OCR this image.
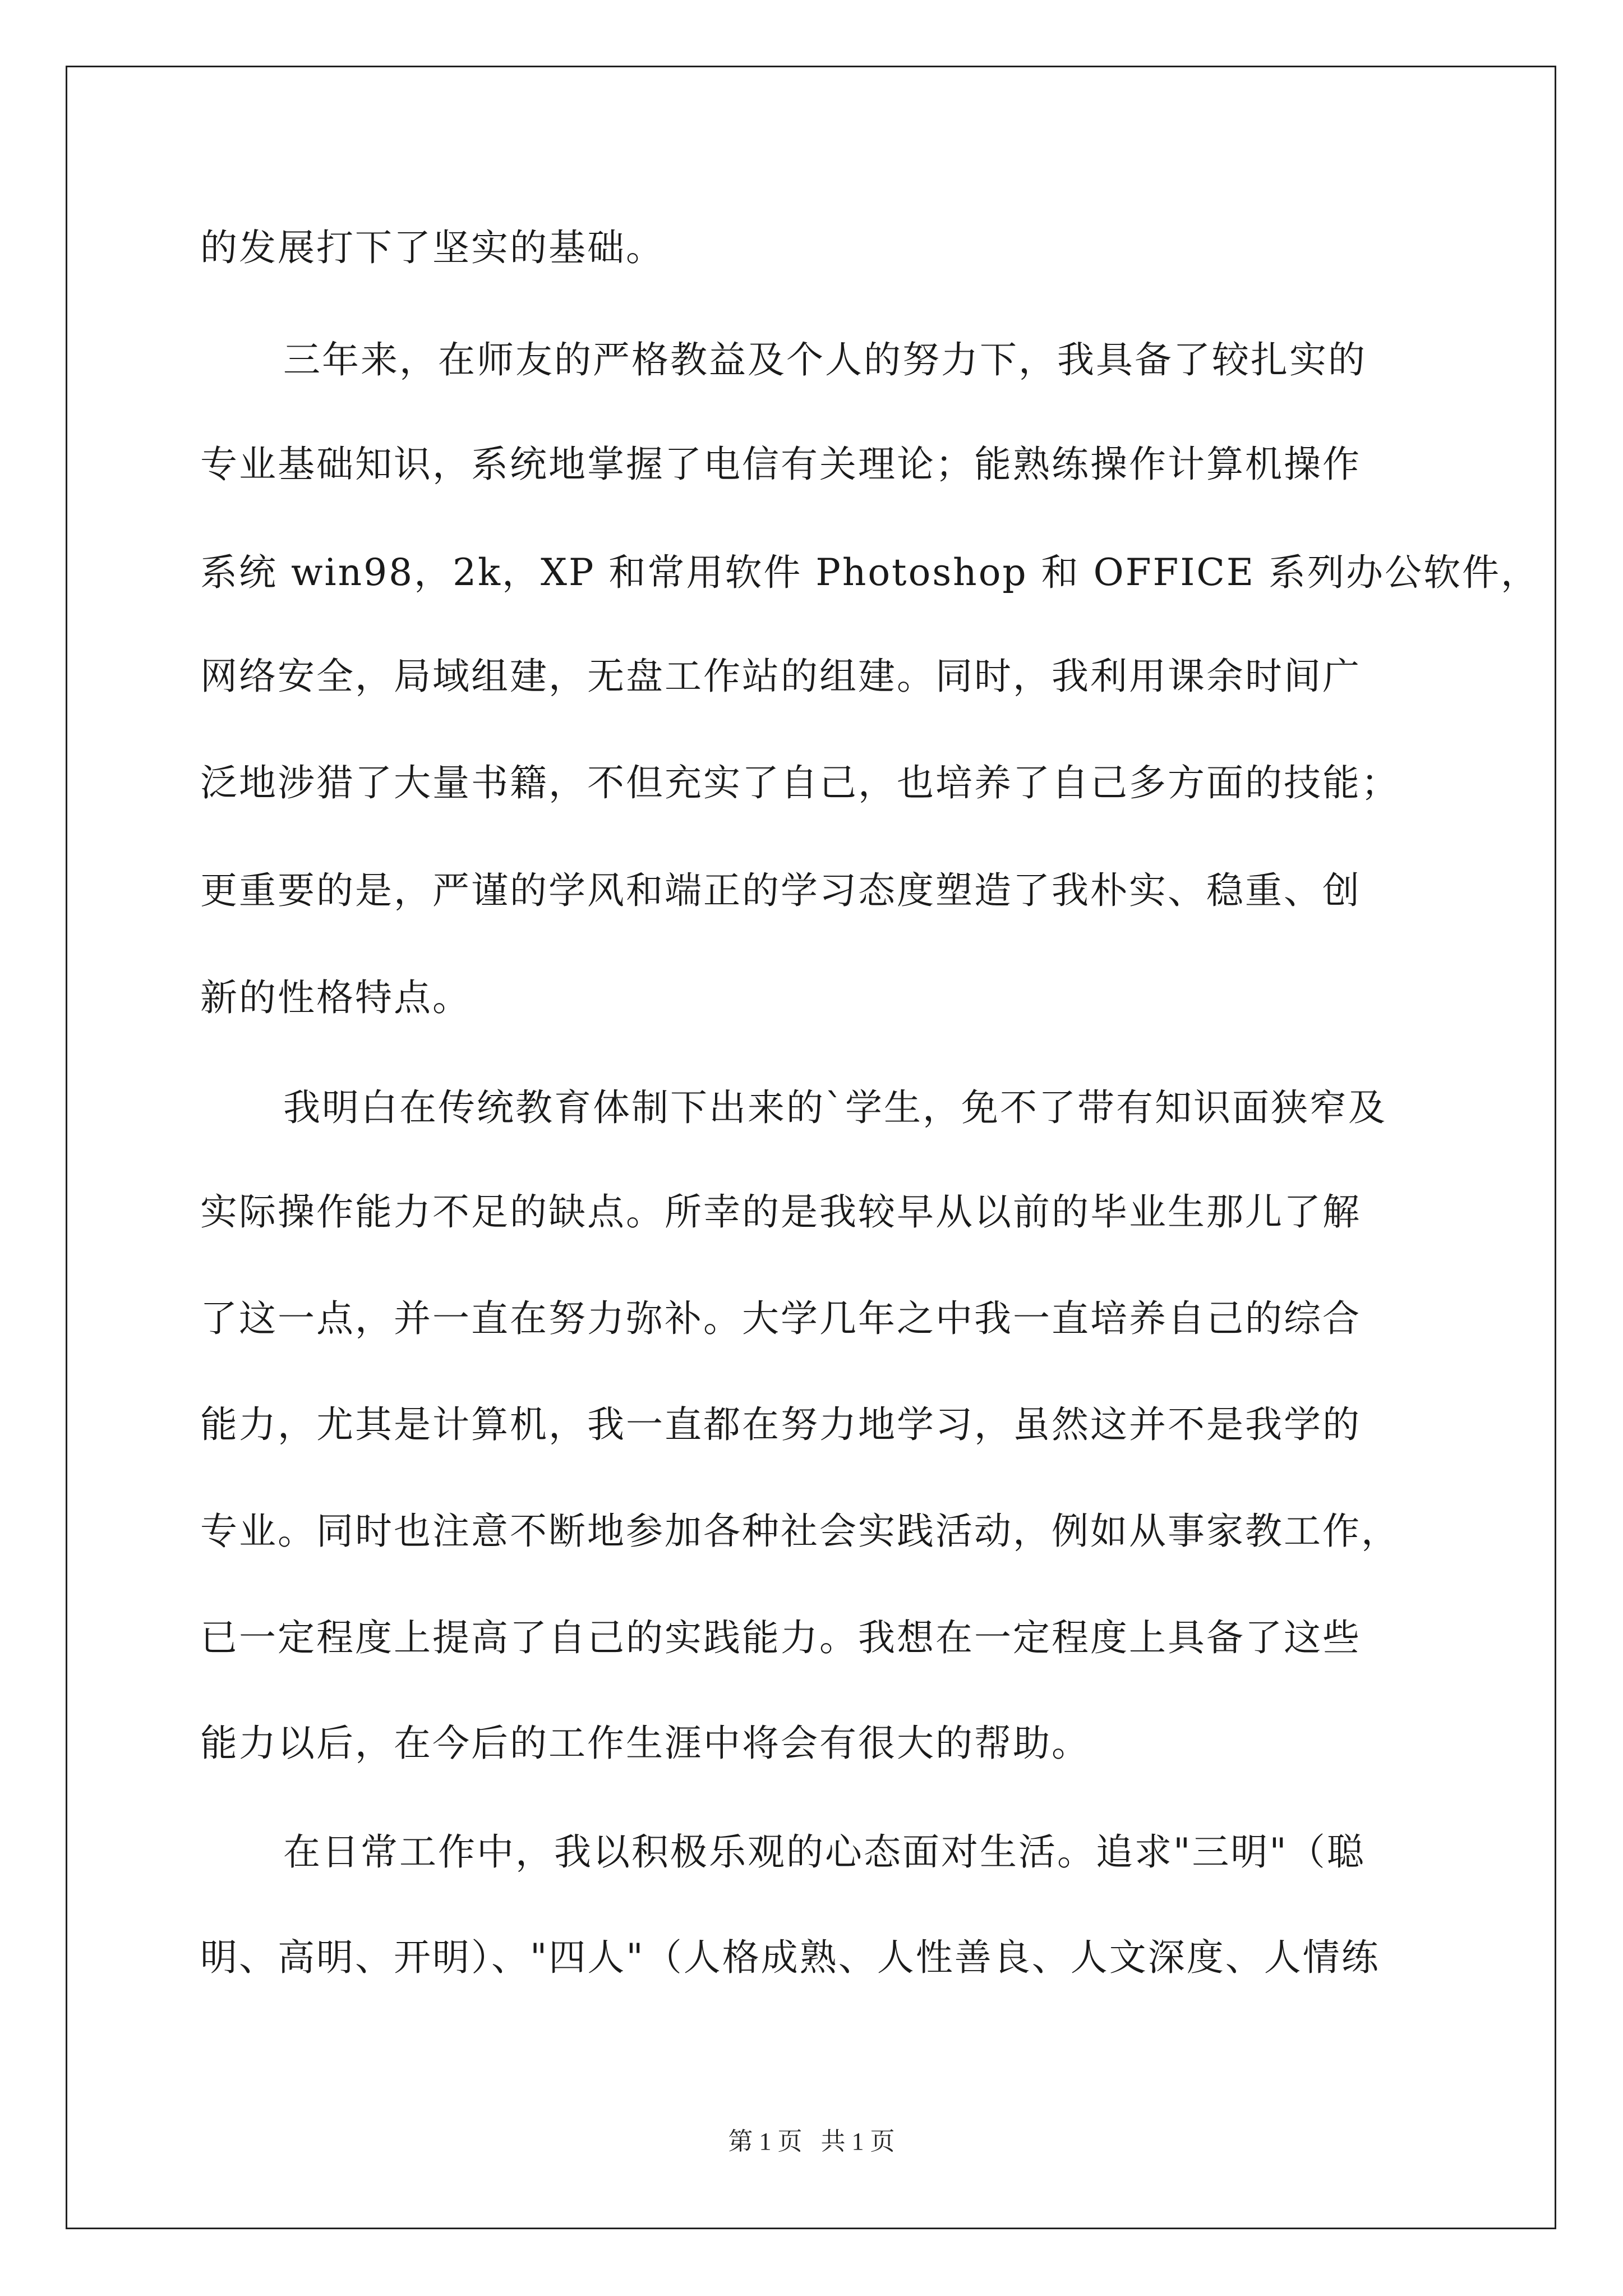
的发展打下了坚实的基础。
三年来，在师友的严格教益及个人的努力下，我具备了较扎实的
专业基础知识，系统地掌握了电信有关理论；能熟练操作计算机操作
系统 win98，2k，XP 和常用软件 Photoshop 和 OFFICE 系列办公软件，
网络安全，局域组建，无盘工作站的组建。同时，我利用课余时间广
泛地涉猎了大量书籍，不但充实了自己，也培养了自己多方面的技能；
更重要的是，严谨的学风和端正的学习态度塑造了我朴实、稳重、创
新的性格特点。
我明白在传统教育体制下出来的`学生，免不了带有知识面狭窄及
实际操作能力不足的缺点。所幸的是我较早从以前的毕业生那儿了解
了这一点，并一直在努力弥补。大学几年之中我一直培养自己的综合
能力，尤其是计算机，我一直都在努力地学习，虽然这并不是我学的
专业。同时也注意不断地参加各种社会实践活动，例如从事家教工作，
已一定程度上提高了自己的实践能力。我想在一定程度上具备了这些
能力以后，在今后的工作生涯中将会有很大的帮助。
在日常工作中，我以积极乐观的心态面对生活。追求"三明"（聪
明、高明、开明）、"四人"（人格成熟、人性善良、人文深度、人情练
第 1 页 共 1 页
